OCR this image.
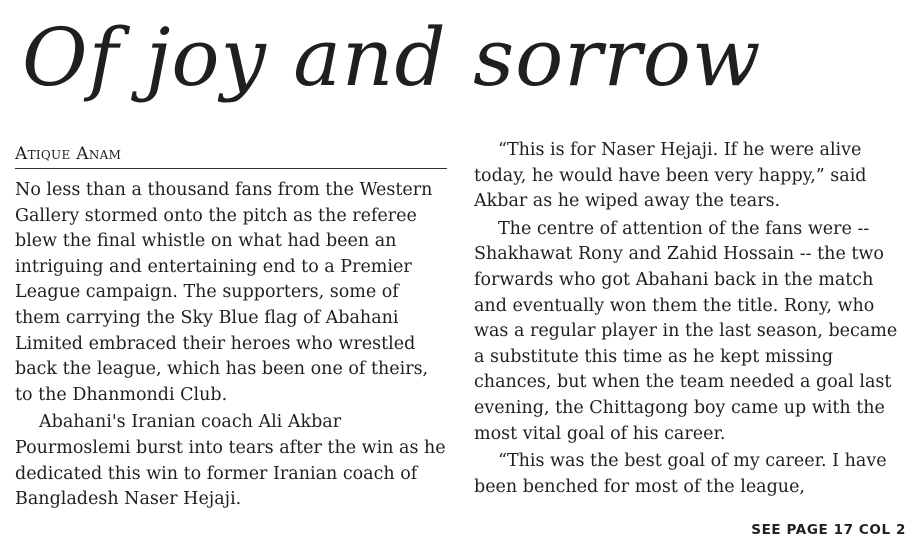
Of joy and sorrow
Atique Anam

No less than a thousand fans from the Western Gallery stormed onto the pitch as the referee blew the final whistle on what had been an intriguing and entertaining end to a Premier League campaign. The supporters, some of them carrying the Sky Blue flag of Abahani Limited embraced their heroes who wrestled back the league, which has been one of theirs, to the Dhanmondi Club.

Abahani's Iranian coach Ali Akbar Pourmoslemi burst into tears after the win as he dedicated this win to former Iranian coach of Bangladesh Naser Hejaji.

“This is for Naser Hejaji. If he were alive today, he would have been very happy,” said Akbar as he wiped away the tears.

The centre of attention of the fans were -- Shakhawat Rony and Zahid Hossain -- the two forwards who got Abahani back in the match and eventually won them the title. Rony, who was a regular player in the last season, became a substitute this time as he kept missing chances, but when the team needed a goal last evening, the Chittagong boy came up with the most vital goal of his career.

“This was the best goal of my career. I have been benched for most of the league,

SEE PAGE 17 COL 2
